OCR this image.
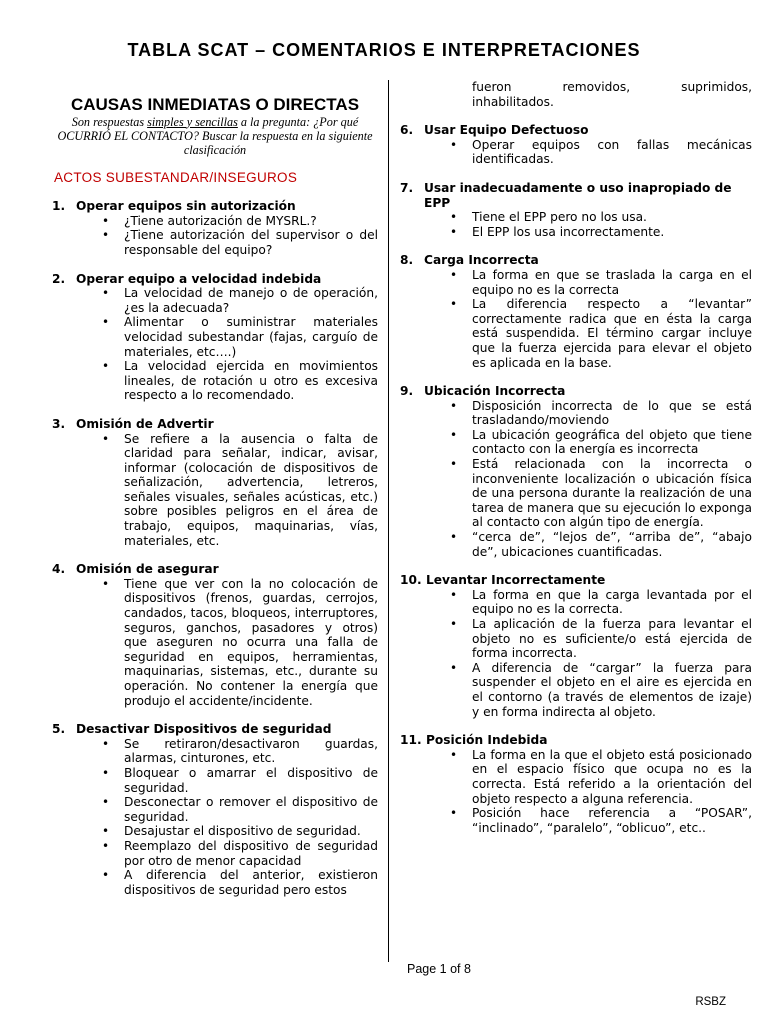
TABLA SCAT – COMENTARIOS E INTERPRETACIONES
CAUSAS INMEDIATAS O DIRECTAS
Son respuestas simples y sencillas a la pregunta: ¿Por qué OCURRIÓ EL CONTACTO? Buscar la respuesta en la siguiente clasificación
ACTOS SUBESTANDAR/INSEGUROS
1. Operar equipos sin autorización
• ¿Tiene autorización de MYSRL.?
• ¿Tiene autorización del supervisor o del responsable del equipo?
2. Operar equipo a velocidad indebida
• La velocidad de manejo o de operación, ¿es la adecuada?
• Alimentar o suministrar materiales velocidad subestandar (fajas, carguío de materiales, etc….)
• La velocidad ejercida en movimientos lineales, de rotación u otro es excesiva respecto a lo recomendado.
3. Omisión de Advertir
• Se refiere a la ausencia o falta de claridad para señalar, indicar, avisar, informar (colocación de dispositivos de señalización, advertencia, letreros, señales visuales, señales acústicas, etc.) sobre posibles peligros en el área de trabajo, equipos, maquinarias, vías, materiales, etc.
4. Omisión de asegurar
• Tiene que ver con la no colocación de dispositivos (frenos, guardas, cerrojos, candados, tacos, bloqueos, interruptores, seguros, ganchos, pasadores y otros) que aseguren no ocurra una falla de seguridad en equipos, herramientas, maquinarias, sistemas, etc., durante su operación. No contener la energía que produjo el accidente/incidente.
5. Desactivar Dispositivos de seguridad
• Se retiraron/desactivaron guardas, alarmas, cinturones, etc.
• Bloquear o amarrar el dispositivo de seguridad.
• Desconectar o remover el dispositivo de seguridad.
• Desajustar el dispositivo de seguridad.
• Reemplazo del dispositivo de seguridad por otro de menor capacidad
• A diferencia del anterior, existieron dispositivos de seguridad pero estos
fueron removidos, suprimidos,
inhabilitados.
6. Usar Equipo Defectuoso
• Operar equipos con fallas mecánicas identificadas.
7. Usar inadecuadamente o uso inapropiado de EPP
• Tiene el EPP pero no los usa.
• El EPP los usa incorrectamente.
8. Carga Incorrecta
• La forma en que se traslada la carga en el equipo no es la correcta
• La diferencia respecto a “levantar” correctamente radica que en ésta la carga está suspendida. El término cargar incluye que la fuerza ejercida para elevar el objeto es aplicada en la base.
9. Ubicación Incorrecta
• Disposición incorrecta de lo que se está trasladando/moviendo
• La ubicación geográfica del objeto que tiene contacto con la energía es incorrecta
• Está relacionada con la incorrecta o inconveniente localización o ubicación física de una persona durante la realización de una tarea de manera que su ejecución lo exponga al contacto con algún tipo de energía.
• “cerca de”, “lejos de”, “arriba de”, “abajo de”, ubicaciones cuantificadas.
10. Levantar Incorrectamente
• La forma en que la carga levantada por el equipo no es la correcta.
• La aplicación de la fuerza para levantar el objeto no es suficiente/o está ejercida de forma incorrecta.
• A diferencia de “cargar” la fuerza para suspender el objeto en el aire es ejercida en el contorno (a través de elementos de izaje) y en forma indirecta al objeto.
11. Posición Indebida
• La forma en la que el objeto está posicionado en el espacio físico que ocupa no es la correcta. Está referido a la orientación del objeto respecto a alguna referencia.
• Posición hace referencia a “POSAR”, “inclinado”, “paralelo”, “oblicuo”, etc..
Page 1 of 8
RSBZ
